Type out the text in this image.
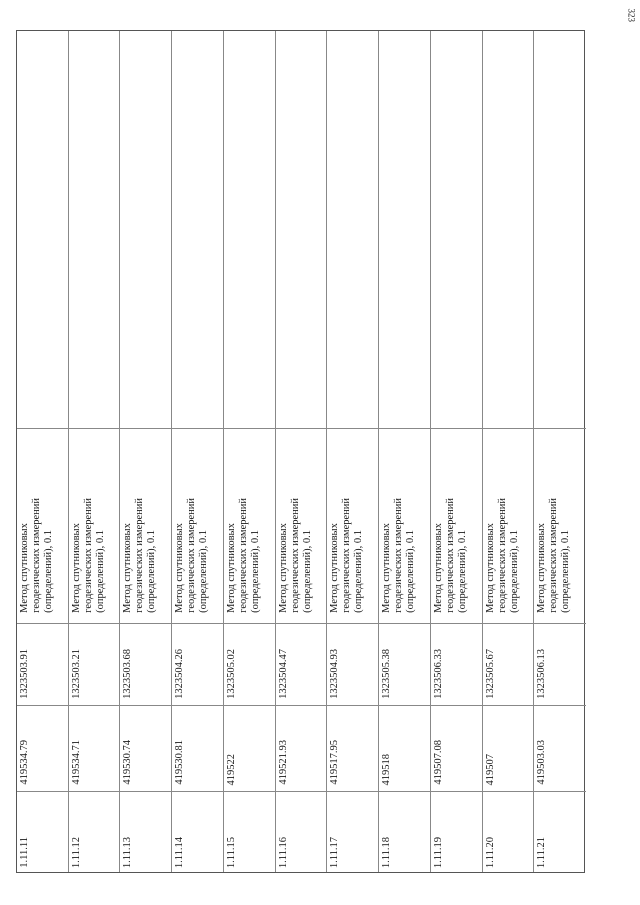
323
Метод спутниковых
геодезических измерений
(определений), 0.1
1323503.91
419534.79
1.11.11
Метод спутниковых
геодезических измерений
(определений), 0.1
1323503.21
419534.71
1.11.12
Метод спутниковых
геодезических измерений
(определений), 0.1
1323503.68
419530.74
1.11.13
Метод спутниковых
геодезических измерений
(определений), 0.1
1323504.26
419530.81
1.11.14
Метод спутниковых
геодезических измерений
(определений), 0.1
1323505.02
419522
1.11.15
Метод спутниковых
геодезических измерений
(определений), 0.1
1323504.47
419521.93
1.11.16
Метод спутниковых
геодезических измерений
(определений), 0.1
1323504.93
419517.95
1.11.17
Метод спутниковых
геодезических измерений
(определений), 0.1
1323505.38
419518
1.11.18
Метод спутниковых
геодезических измерений
(определений), 0.1
1323506.33
419507.08
1.11.19
Метод спутниковых
геодезических измерений
(определений), 0.1
1323505.67
419507
1.11.20
Метод спутниковых
геодезических измерений
(определений), 0.1
1323506.13
419503.03
1.11.21
